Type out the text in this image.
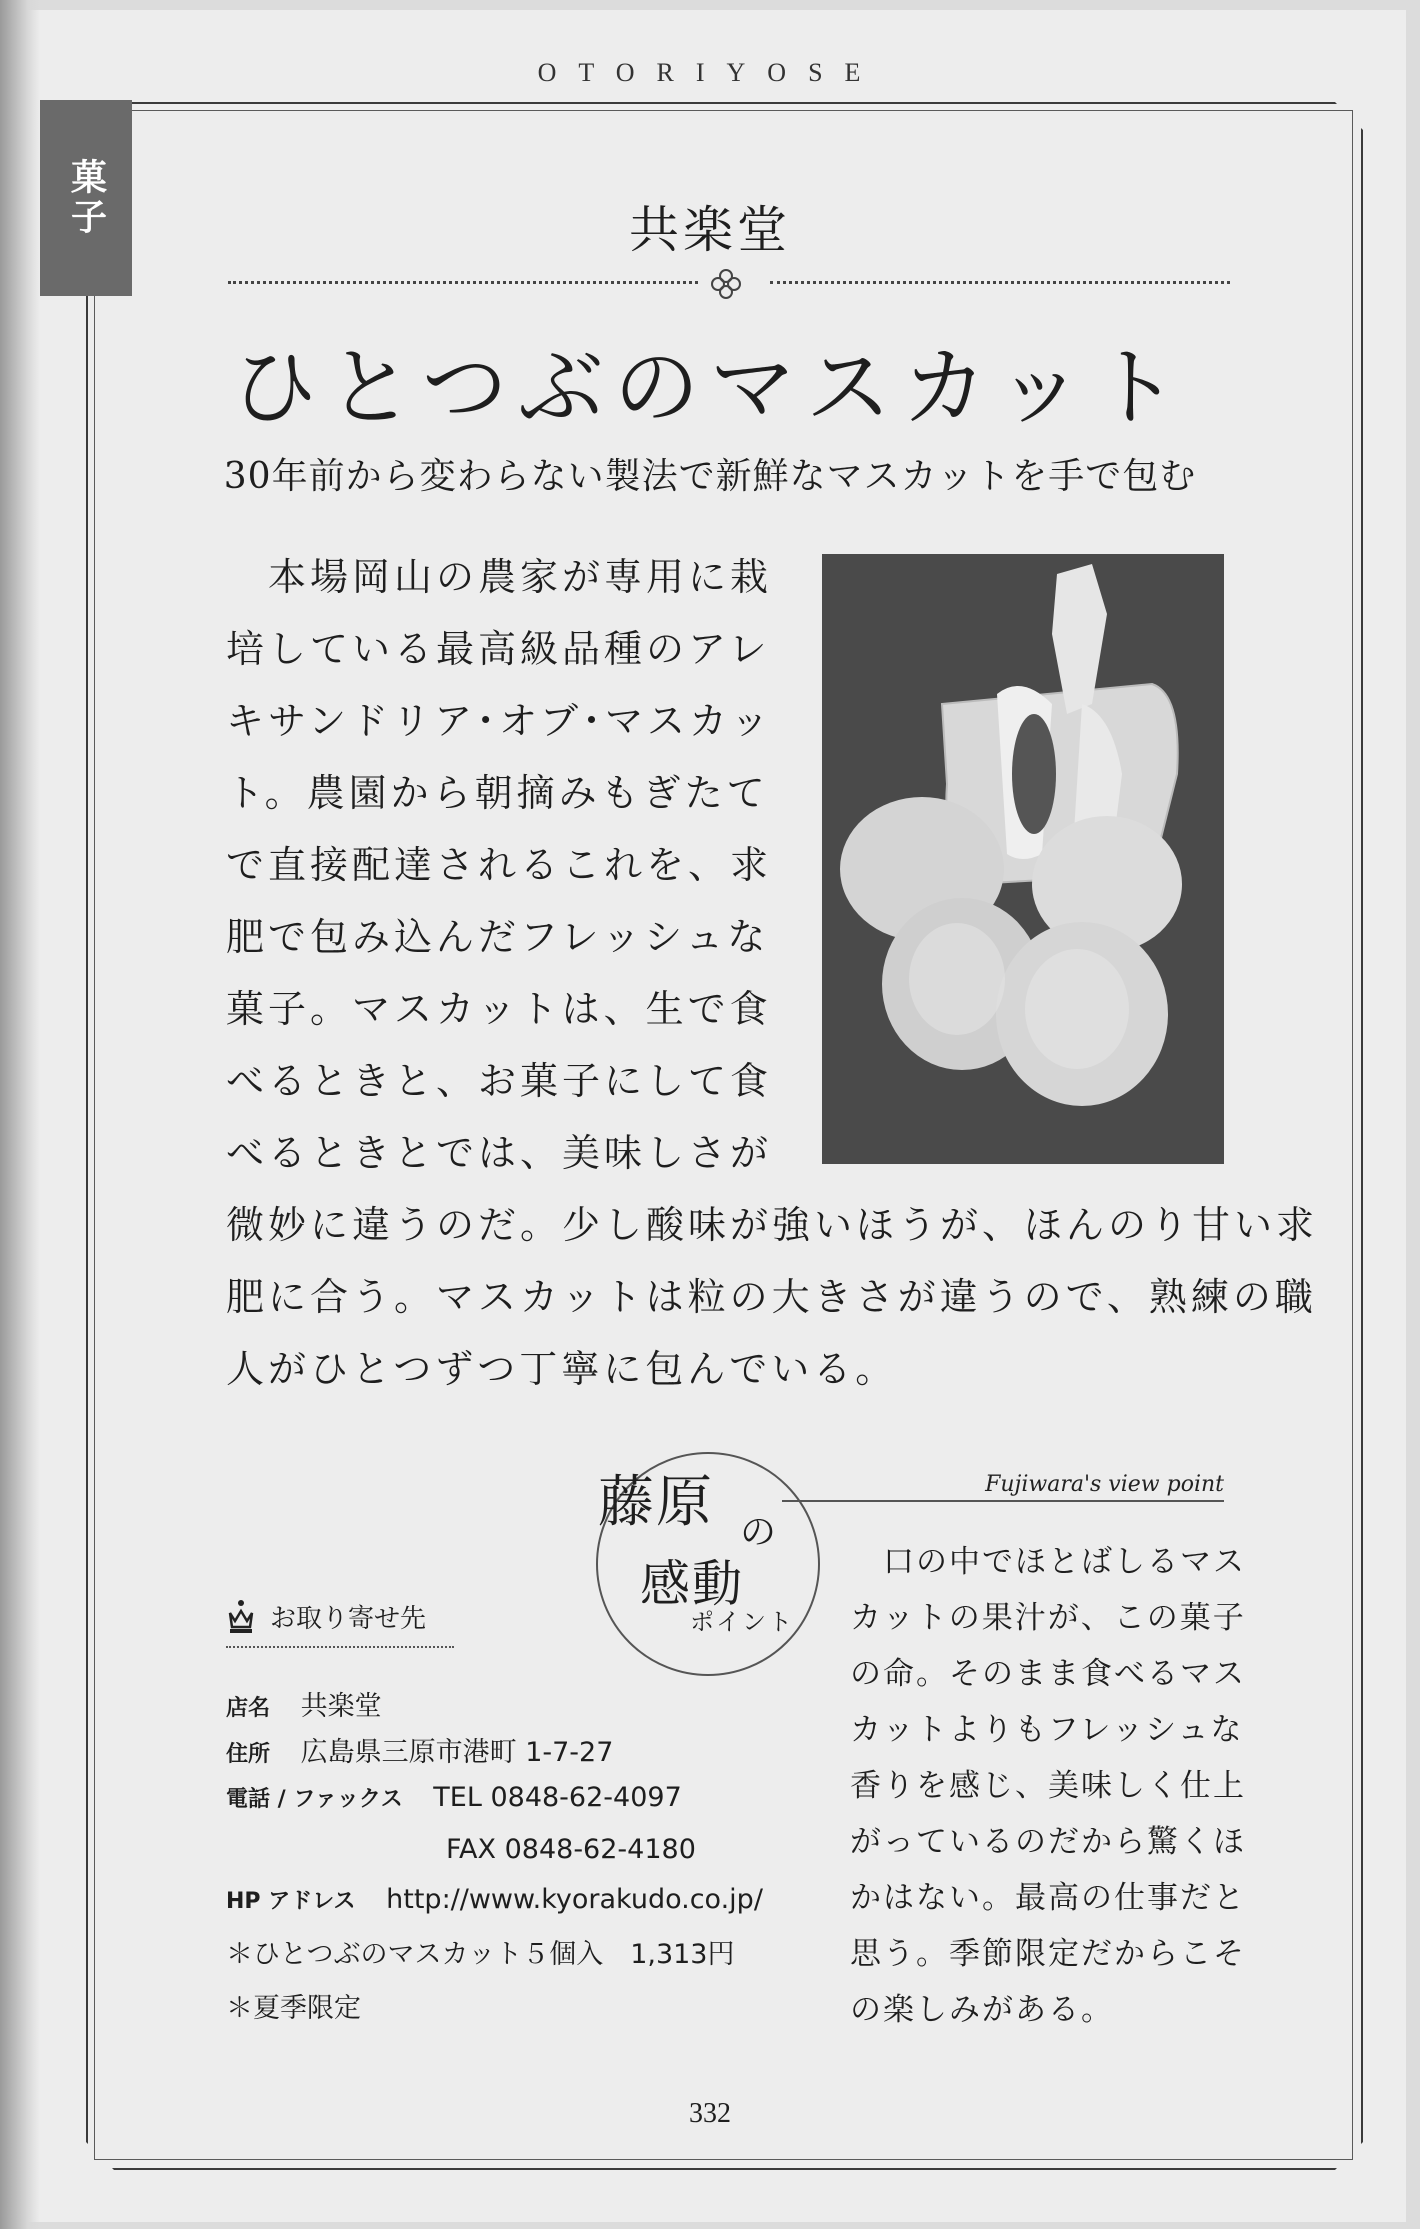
OTORIYOSE
菓子	共楽堂
ひとつぶのマスカット
30年前から変わらない製法で新鮮なマスカットを手で包む
　本場岡山の農家が専用に栽
培している最高級品種のアレ
キサンドリア･オブ･マスカッ
ト。農園から朝摘みもぎたて
で直接配達されるこれを、求
肥で包み込んだフレッシュな
菓子。マスカットは、生で食
べるときと、お菓子にして食
べるときとでは、美味しさが
微妙に違うのだ。少し酸味が強いほうが、ほんのり甘い求
肥に合う。マスカットは粒の大きさが違うので、熟練の職
人がひとつずつ丁寧に包んでいる。
Fujiwara's view point
藤原 の
感動
ポイント
　口の中でほとばしるマス
カットの果汁が、この菓子
の命。そのまま食べるマス
カットよりもフレッシュな
香りを感じ、美味しく仕上
がっているのだから驚くほ
かはない。最高の仕事だと
思う。季節限定だからこそ
の楽しみがある。
お取り寄せ先
店名 共楽堂
住所 広島県三原市港町 1-7-27
電話 / ファックス TEL 0848-62-4097
FAX 0848-62-4180
HP アドレス http://www.kyorakudo.co.jp/
＊ひとつぶのマスカット５個入　1,313円
＊夏季限定
332
